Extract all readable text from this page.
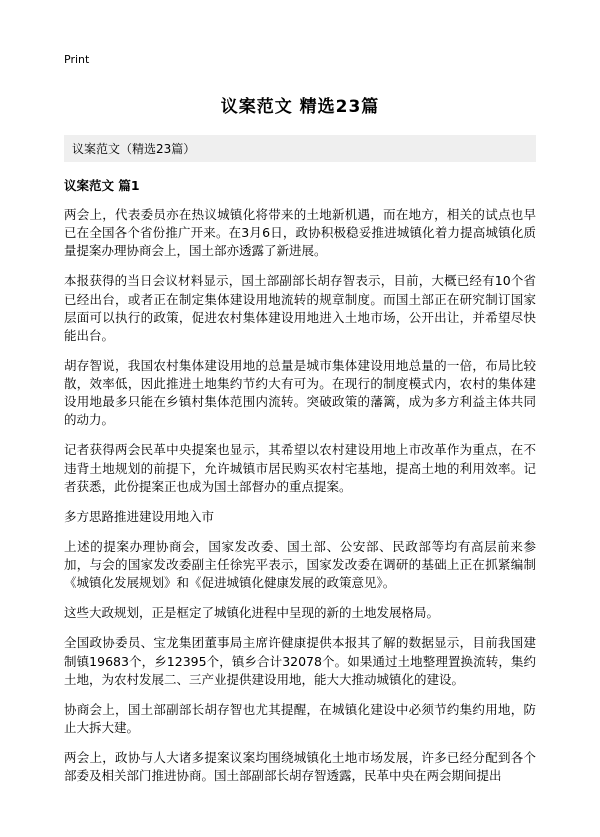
Print
议案范文 精选23篇
议案范文（精选23篇）
议案范文 篇1

两会上，代表委员亦在热议城镇化将带来的土地新机遇，而在地方，相关的试点也早已在全国各个省份推广开来。在3月6日，政协积极稳妥推进城镇化着力提高城镇化质量提案办理协商会上，国土部亦透露了新进展。

本报获得的当日会议材料显示，国土部副部长胡存智表示，目前，大概已经有10个省已经出台，或者正在制定集体建设用地流转的规章制度。而国土部正在研究制订国家层面可以执行的政策，促进农村集体建设用地进入土地市场，公开出让，并希望尽快能出台。

胡存智说，我国农村集体建设用地的总量是城市集体建设用地总量的一倍，布局比较散，效率低，因此推进土地集约节约大有可为。在现行的制度模式内，农村的集体建设用地最多只能在乡镇村集体范围内流转。突破政策的藩篱，成为多方利益主体共同的动力。

记者获得两会民革中央提案也显示，其希望以农村建设用地上市改革作为重点，在不违背土地规划的前提下，允许城镇市居民购买农村宅基地，提高土地的利用效率。记者获悉，此份提案正也成为国土部督办的重点提案。

多方思路推进建设用地入市

上述的提案办理协商会，国家发改委、国土部、公安部、民政部等均有高层前来参加，与会的国家发改委副主任徐宪平表示，国家发改委在调研的基础上正在抓紧编制《城镇化发展规划》和《促进城镇化健康发展的政策意见》。

这些大政规划，正是框定了城镇化进程中呈现的新的土地发展格局。

全国政协委员、宝龙集团董事局主席许健康提供本报其了解的数据显示，目前我国建制镇19683个，乡12395个，镇乡合计32078个。如果通过土地整理置换流转，集约土地，为农村发展二、三产业提供建设用地，能大大推动城镇化的建设。

协商会上，国土部副部长胡存智也尤其提醒，在城镇化建设中必须节约集约用地，防止大拆大建。

两会上，政协与人大诸多提案议案均围绕城镇化土地市场发展，许多已经分配到各个部委及相关部门推进协商。国土部副部长胡存智透露，民革中央在两会期间提出
